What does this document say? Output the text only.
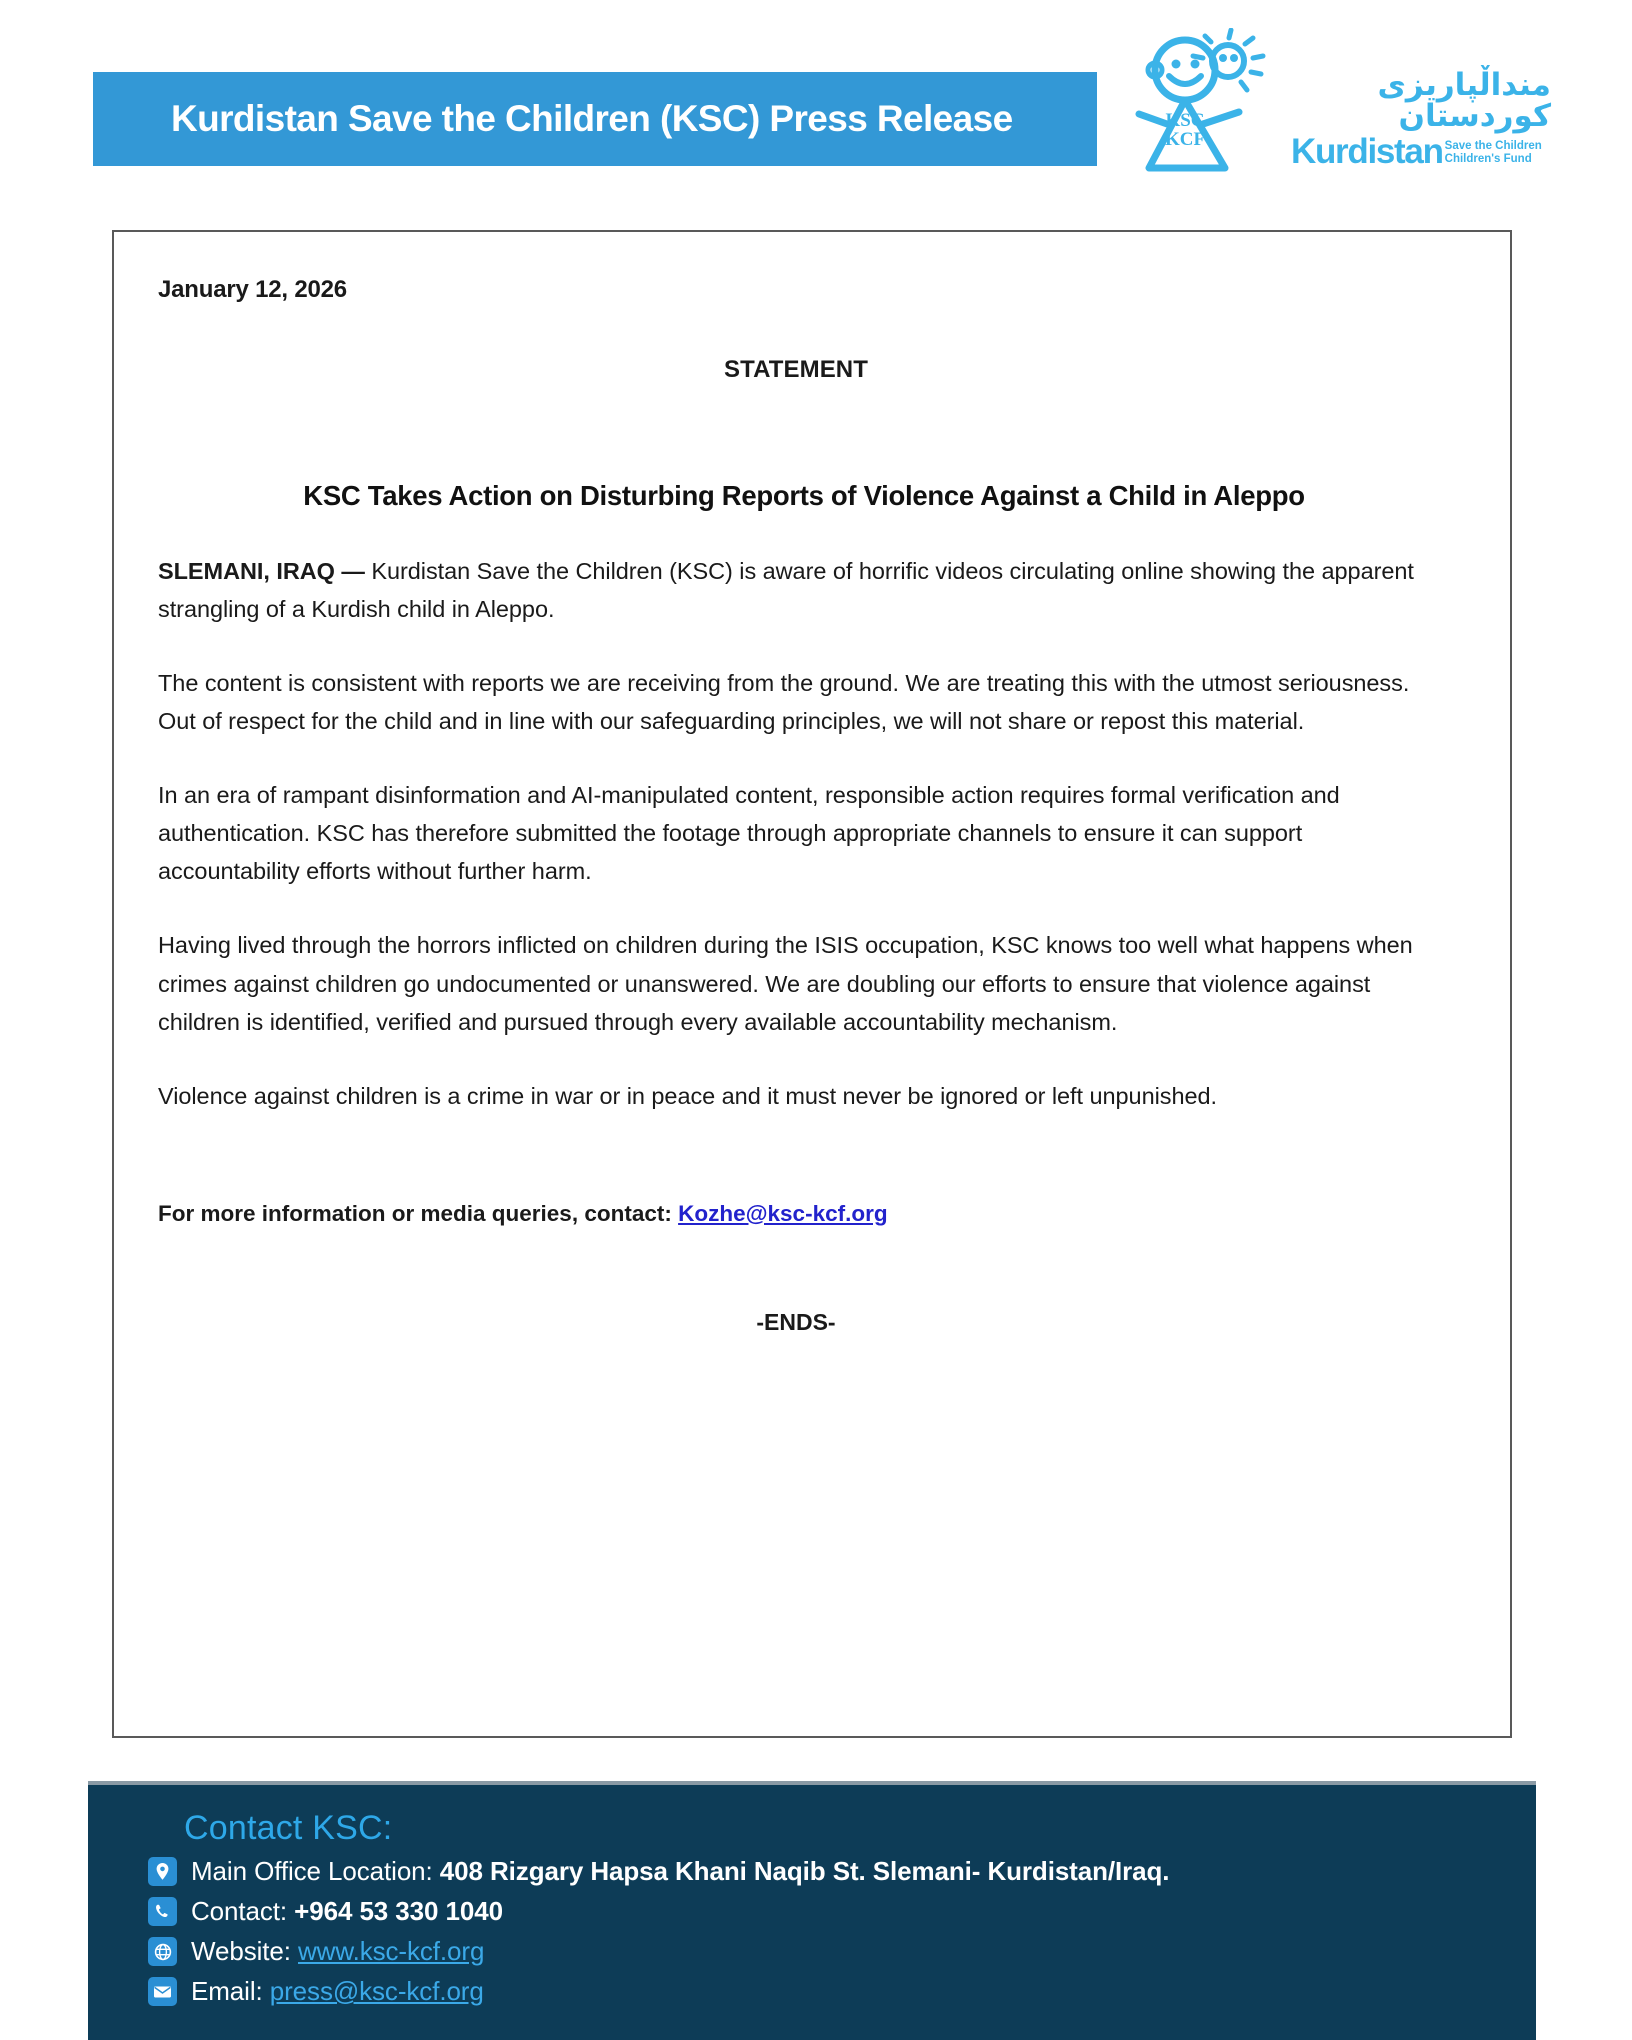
Kurdistan Save the Children (KSC) Press Release	KSC
KCF
منداڵپاریزی کوردستان
Kurdistan Save the Children
Children's Fund
January 12, 2026
STATEMENT
KSC Takes Action on Disturbing Reports of Violence Against a Child in Aleppo

SLEMANI, IRAQ — Kurdistan Save the Children (KSC) is aware of horrific videos circulating online showing the apparent strangling of a Kurdish child in Aleppo.

The content is consistent with reports we are receiving from the ground. We are treating this with the utmost seriousness. Out of respect for the child and in line with our safeguarding principles, we will not share or repost this material.

In an era of rampant disinformation and AI-manipulated content, responsible action requires formal verification and authentication. KSC has therefore submitted the footage through appropriate channels to ensure it can support accountability efforts without further harm.

Having lived through the horrors inflicted on children during the ISIS occupation, KSC knows too well what happens when crimes against children go undocumented or unanswered. We are doubling our efforts to ensure that violence against children is identified, verified and pursued through every available accountability mechanism.

Violence against children is a crime in war or in peace and it must never be ignored or left unpunished.

For more information or media queries, contact: Kozhe@ksc-kcf.org
-ENDS-
Contact KSC:
Main Office Location: 408 Rizgary Hapsa Khani Naqib St. Slemani- Kurdistan/Iraq.
Contact: +964 53 330 1040
Website: www.ksc-kcf.org
Email: press@ksc-kcf.org
